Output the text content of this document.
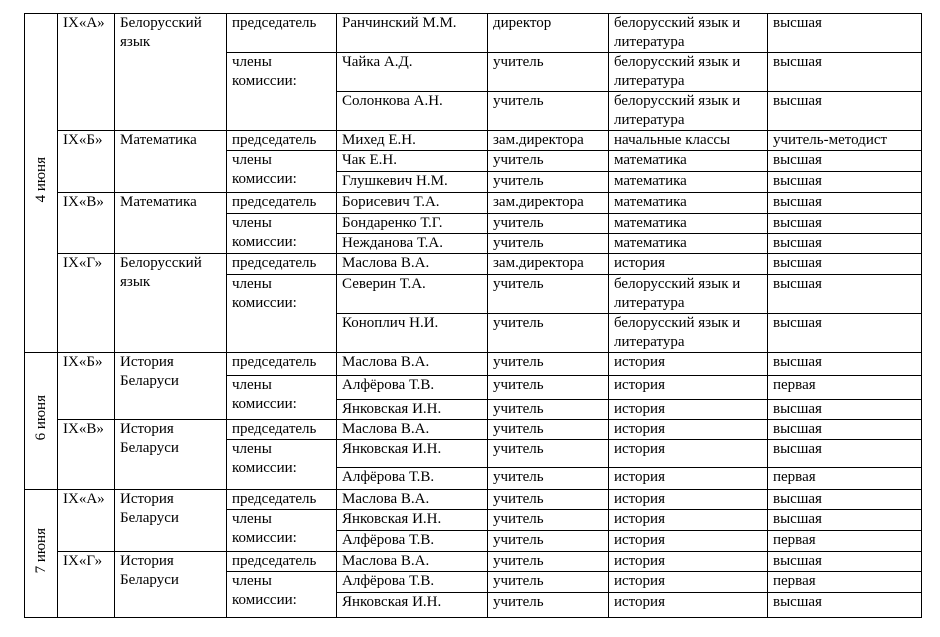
4 июня	IX«А»	Белорусский язык	председатель	Ранчинский М.М.	директор	белорусский язык и литература	высшая
			члены комиссии:	Чайка А.Д.	учитель	белорусский язык и литература	высшая
				Солонкова А.Н.	учитель	белорусский язык и литература	высшая
	IX«Б»	Математика	председатель	Михед Е.Н.	зам.директора	начальные классы	учитель-методист
			члены комиссии:	Чак Е.Н.	учитель	математика	высшая
				Глушкевич Н.М.	учитель	математика	высшая
	IX«В»	Математика	председатель	Борисевич Т.А.	зам.директора	математика	высшая
			члены комиссии:	Бондаренко Т.Г.	учитель	математика	высшая
				Нежданова Т.А.	учитель	математика	высшая
	IX«Г»	Белорусский язык	председатель	Маслова В.А.	зам.директора	история	высшая
			члены комиссии:	Северин Т.А.	учитель	белорусский язык и литература	высшая

				Коноплич Н.И.	учитель	белорусский язык и литература	высшая

6 июня	IX«Б»	История Беларуси	председатель	Маслова В.А.	учитель	история	высшая
			члены комиссии:	Алфёрова Т.В.	учитель	история	первая
				Янковская И.Н.	учитель	история	высшая
	IX«В»	История Беларуси	председатель	Маслова В.А.	учитель	история	высшая
			члены комиссии:	Янковская И.Н.	учитель	история	высшая
				Алфёрова Т.В.	учитель	история	первая
7 июня	IX«А»	История Беларуси	председатель	Маслова В.А.	учитель	история	высшая
			члены комиссии:	Янковская И.Н.	учитель	история	высшая
				Алфёрова Т.В.	учитель	история	первая
	IX«Г»	История Беларуси	председатель	Маслова В.А.	учитель	история	высшая
			члены комиссии:	Алфёрова Т.В.	учитель	история	первая
				Янковская И.Н.	учитель	история	высшая
